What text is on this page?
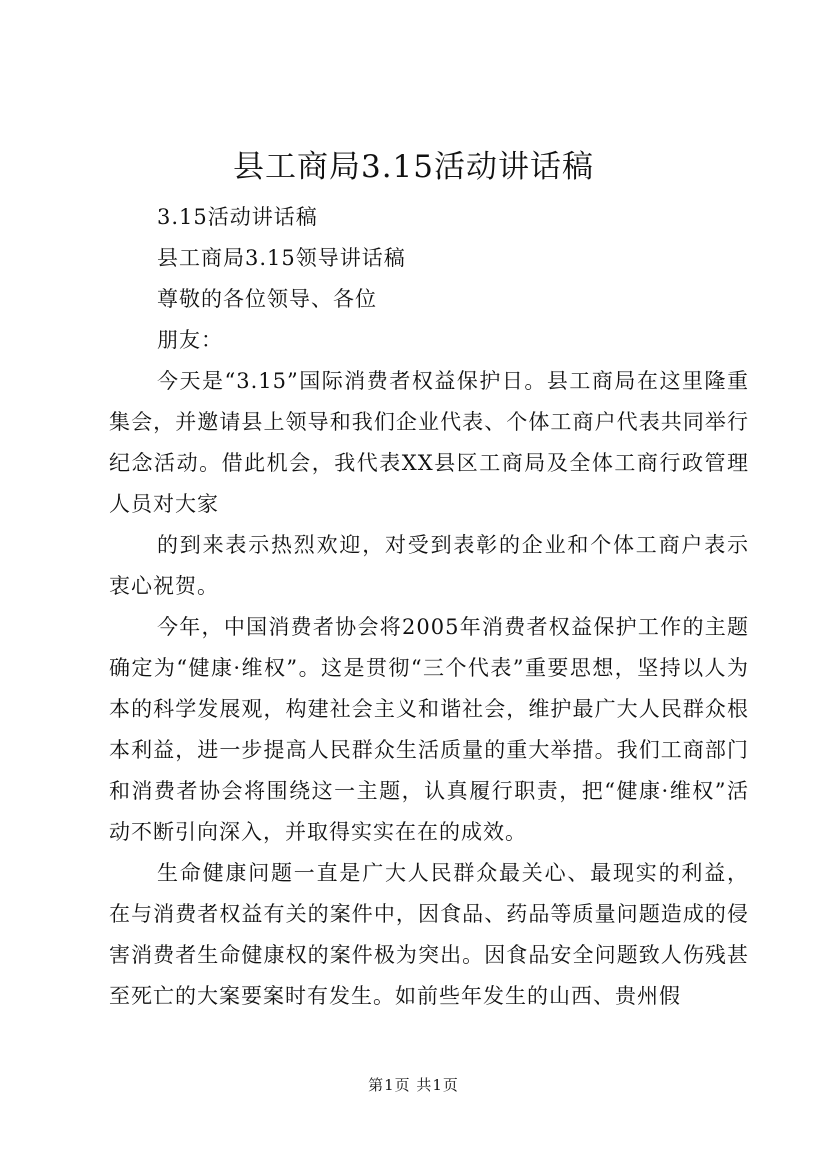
县工商局3.15活动讲话稿

3.15活动讲话稿

县工商局3.15领导讲话稿

尊敬的各位领导、各位

朋友：

今天是“3.15”国际消费者权益保护日。县工商局在这里隆重集会，并邀请县上领导和我们企业代表、个体工商户代表共同举行纪念活动。借此机会，我代表XX县区工商局及全体工商行政管理人员对大家

的到来表示热烈欢迎，对受到表彰的企业和个体工商户表示衷心祝贺。

今年，中国消费者协会将2005年消费者权益保护工作的主题确定为“健康·维权”。这是贯彻“三个代表”重要思想，坚持以人为本的科学发展观，构建社会主义和谐社会，维护最广大人民群众根本利益，进一步提高人民群众生活质量的重大举措。我们工商部门和消费者协会将围绕这一主题，认真履行职责，把“健康·维权”活动不断引向深入，并取得实实在在的成效。

生命健康问题一直是广大人民群众最关心、最现实的利益，在与消费者权益有关的案件中，因食品、药品等质量问题造成的侵害消费者生命健康权的案件极为突出。因食品安全问题致人伤残甚至死亡的大案要案时有发生。如前些年发生的山西、贵州假

第1页 共1页
